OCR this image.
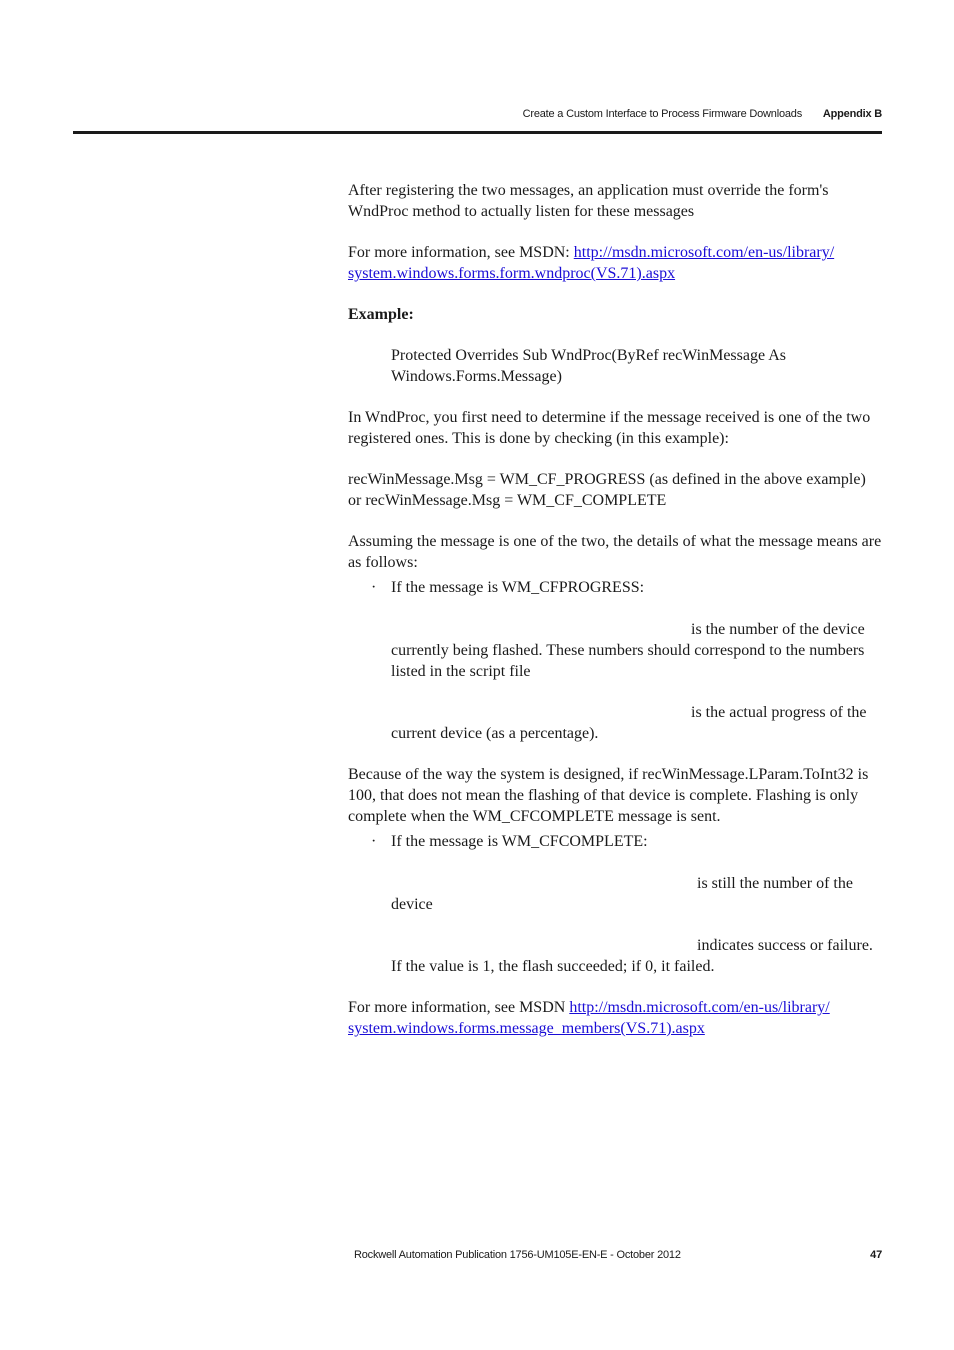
Create a Custom Interface to Process Firmware Downloads Appendix B
After registering the two messages, an application must override the form's WndProc method to actually listen for these messages
For more information, see MSDN: http://msdn.microsoft.com/en-us/library/
system.windows.forms.form.wndproc(VS.71).aspx
Example:
Protected Overrides Sub WndProc(ByRef recWinMessage As
Windows.Forms.Message)
In WndProc, you first need to determine if the message received is one of the two registered ones. This is done by checking (in this example):
recWinMessage.Msg = WM_CF_PROGRESS (as defined in the above example)
or recWinMessage.Msg = WM_CF_COMPLETE
Assuming the message is one of the two, the details of what the message means are as follows:
· If the message is WM_CFPROGRESS:
is the number of the device
currently being flashed. These numbers should correspond to the numbers listed in the script file
is the actual progress of the
current device (as a percentage).
Because of the way the system is designed, if recWinMessage.LParam.ToInt32 is 100, that does not mean the flashing of that device is complete. Flashing is only complete when the WM_CFCOMPLETE message is sent.
· If the message is WM_CFCOMPLETE:
is still the number of the
device
indicates success or failure.
If the value is 1, the flash succeeded; if 0, it failed.
For more information, see MSDN http://msdn.microsoft.com/en-us/library/
system.windows.forms.message_members(VS.71).aspx
Rockwell Automation Publication 1756-UM105E-EN-E - October 2012	47
